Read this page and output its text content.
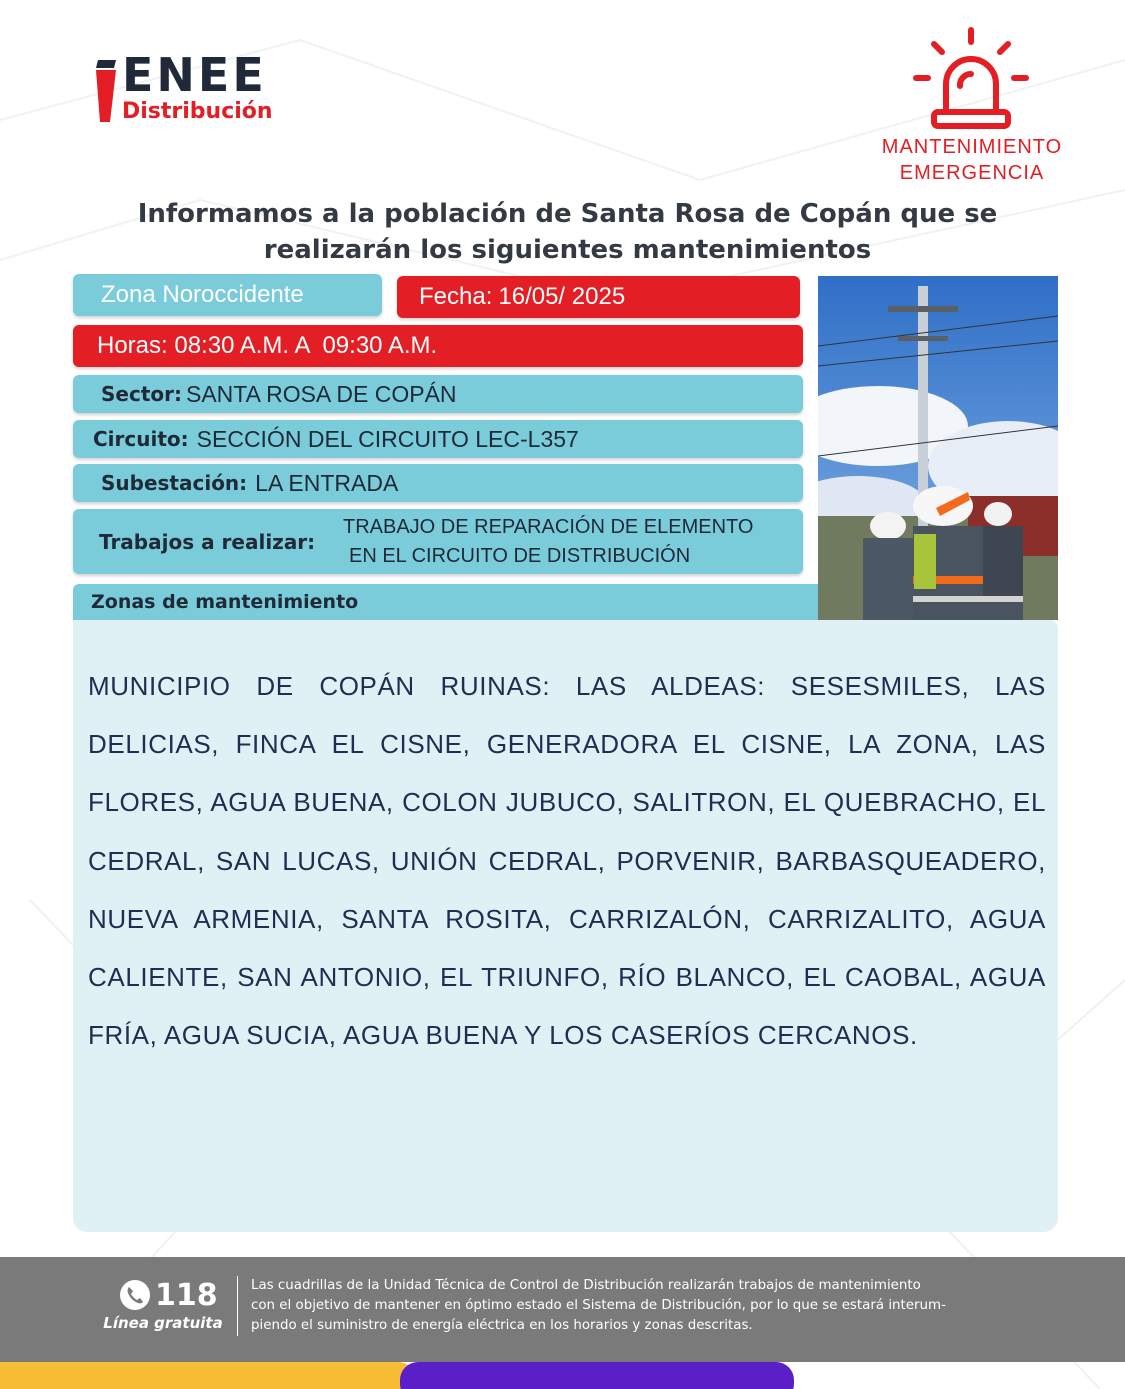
ENEE
Distribución
MANTENIMIENTO
EMERGENCIA
Informamos a la población de Santa Rosa de Copán que se
realizarán los siguientes mantenimientos
Zona Noroccidente	Fecha: 16/05/ 2025
Horas: 08:30 A.M. A  09:30 A.M.
Sector: SANTA ROSA DE COPÁN
Circuito: SECCIÓN DEL CIRCUITO LEC-L357
Subestación: LA ENTRADA
Trabajos a realizar:
TRABAJO DE REPARACIÓN DE ELEMENTO
EN EL CIRCUITO DE DISTRIBUCIÓN
Zonas de mantenimiento
MUNICIPIO DE COPÁN RUINAS: LAS ALDEAS: SESESMILES, LAS DELICIAS, FINCA EL CISNE, GENERADORA EL CISNE, LA ZONA, LAS FLORES, AGUA BUENA, COLON JUBUCO, SALITRON, EL QUEBRACHO, EL CEDRAL, SAN LUCAS, UNIÓN CEDRAL, PORVENIR, BARBASQUEADERO, NUEVA ARMENIA, SANTA ROSITA, CARRIZALÓN, CARRIZALITO, AGUA CALIENTE, SAN ANTONIO, EL TRIUNFO, RÍO BLANCO, EL CAOBAL, AGUA FRÍA, AGUA SUCIA, AGUA BUENA Y LOS CASERÍOS CERCANOS.
118
Línea gratuita
Las cuadrillas de la Unidad Técnica de Control de Distribución realizarán trabajos de mantenimiento
con el objetivo de mantener en óptimo estado el Sistema de Distribución, por lo que se estará interum-
piendo el suministro de energía eléctrica en los horarios y zonas descritas.
